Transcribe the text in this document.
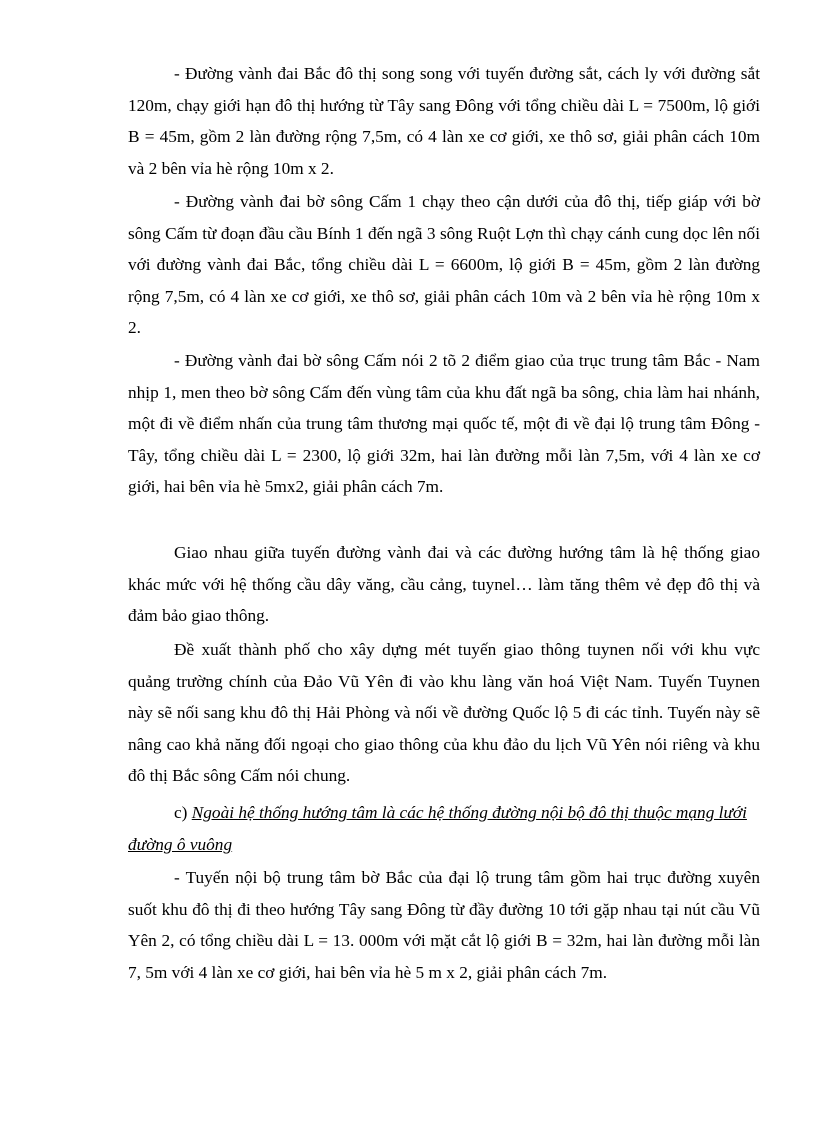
- Đường vành đai Bắc đô thị song song với tuyến đường sắt, cách ly với đường sắt 120m, chạy giới hạn đô thị hướng từ Tây sang Đông với tổng chiều dài L = 7500m, lộ giới B = 45m, gồm 2 làn đường rộng 7,5m, có 4 làn xe cơ giới, xe thô sơ, giải phân cách 10m và 2 bên vỉa hè rộng 10m x 2.

- Đường vành đai bờ sông Cấm 1 chạy theo cận dưới của đô thị, tiếp giáp với bờ sông Cấm từ đoạn đầu cầu Bính 1 đến ngã 3 sông Ruột Lợn thì chạy cánh cung dọc lên nối với đường vành đai Bắc, tổng chiều dài L = 6600m, lộ giới B = 45m, gồm 2 làn đường rộng 7,5m, có 4 làn xe cơ giới, xe thô sơ, giải phân cách 10m và 2 bên vỉa hè rộng 10m x 2.

- Đường vành đai bờ sông Cấm nói 2 tõ 2 điểm giao của trục trung tâm Bắc - Nam nhịp 1, men theo bờ sông Cấm đến vùng tâm của khu đất ngã ba sông, chia làm hai nhánh, một đi về điểm nhấn của trung tâm thương mại quốc tế, một đi về đại lộ trung tâm Đông - Tây, tổng chiều dài L = 2300, lộ giới 32m, hai làn đường mỗi làn 7,5m, với 4 làn xe cơ giới, hai bên vỉa hè 5mx2, giải phân cách 7m.

Giao nhau giữa tuyến đường vành đai và các đường hướng tâm là hệ thống giao khác mức với hệ thống cầu dây văng, cầu cảng, tuynel… làm tăng thêm vẻ đẹp đô thị và đảm bảo giao thông.

Đề xuất thành phố cho xây dựng mét tuyến giao thông tuynen nối với khu vực quảng trường chính của Đảo Vũ Yên đi vào khu làng văn hoá Việt Nam. Tuyến Tuynen này sẽ nối sang khu đô thị Hải Phòng và nối về đường Quốc lộ 5 đi các tỉnh. Tuyến này sẽ nâng cao khả năng đối ngoại cho giao thông của khu đảo du lịch Vũ Yên nói riêng và khu đô thị Bắc sông Cấm nói chung.

c) Ngoài hệ thống hướng tâm là các hệ thống đường nội bộ đô thị thuộc mạng lưới đường ô vuông

- Tuyến nội bộ trung tâm bờ Bắc của đại lộ trung tâm gồm hai trục đường xuyên suốt khu đô thị đi theo hướng Tây sang Đông từ đầy đường 10 tới gặp nhau tại nút cầu Vũ Yên 2, có tổng chiều dài L = 13. 000m với mặt cắt lộ giới B = 32m, hai làn đường mỗi làn 7, 5m với 4 làn xe cơ giới, hai bên vỉa hè 5 m x 2, giải phân cách 7m.
